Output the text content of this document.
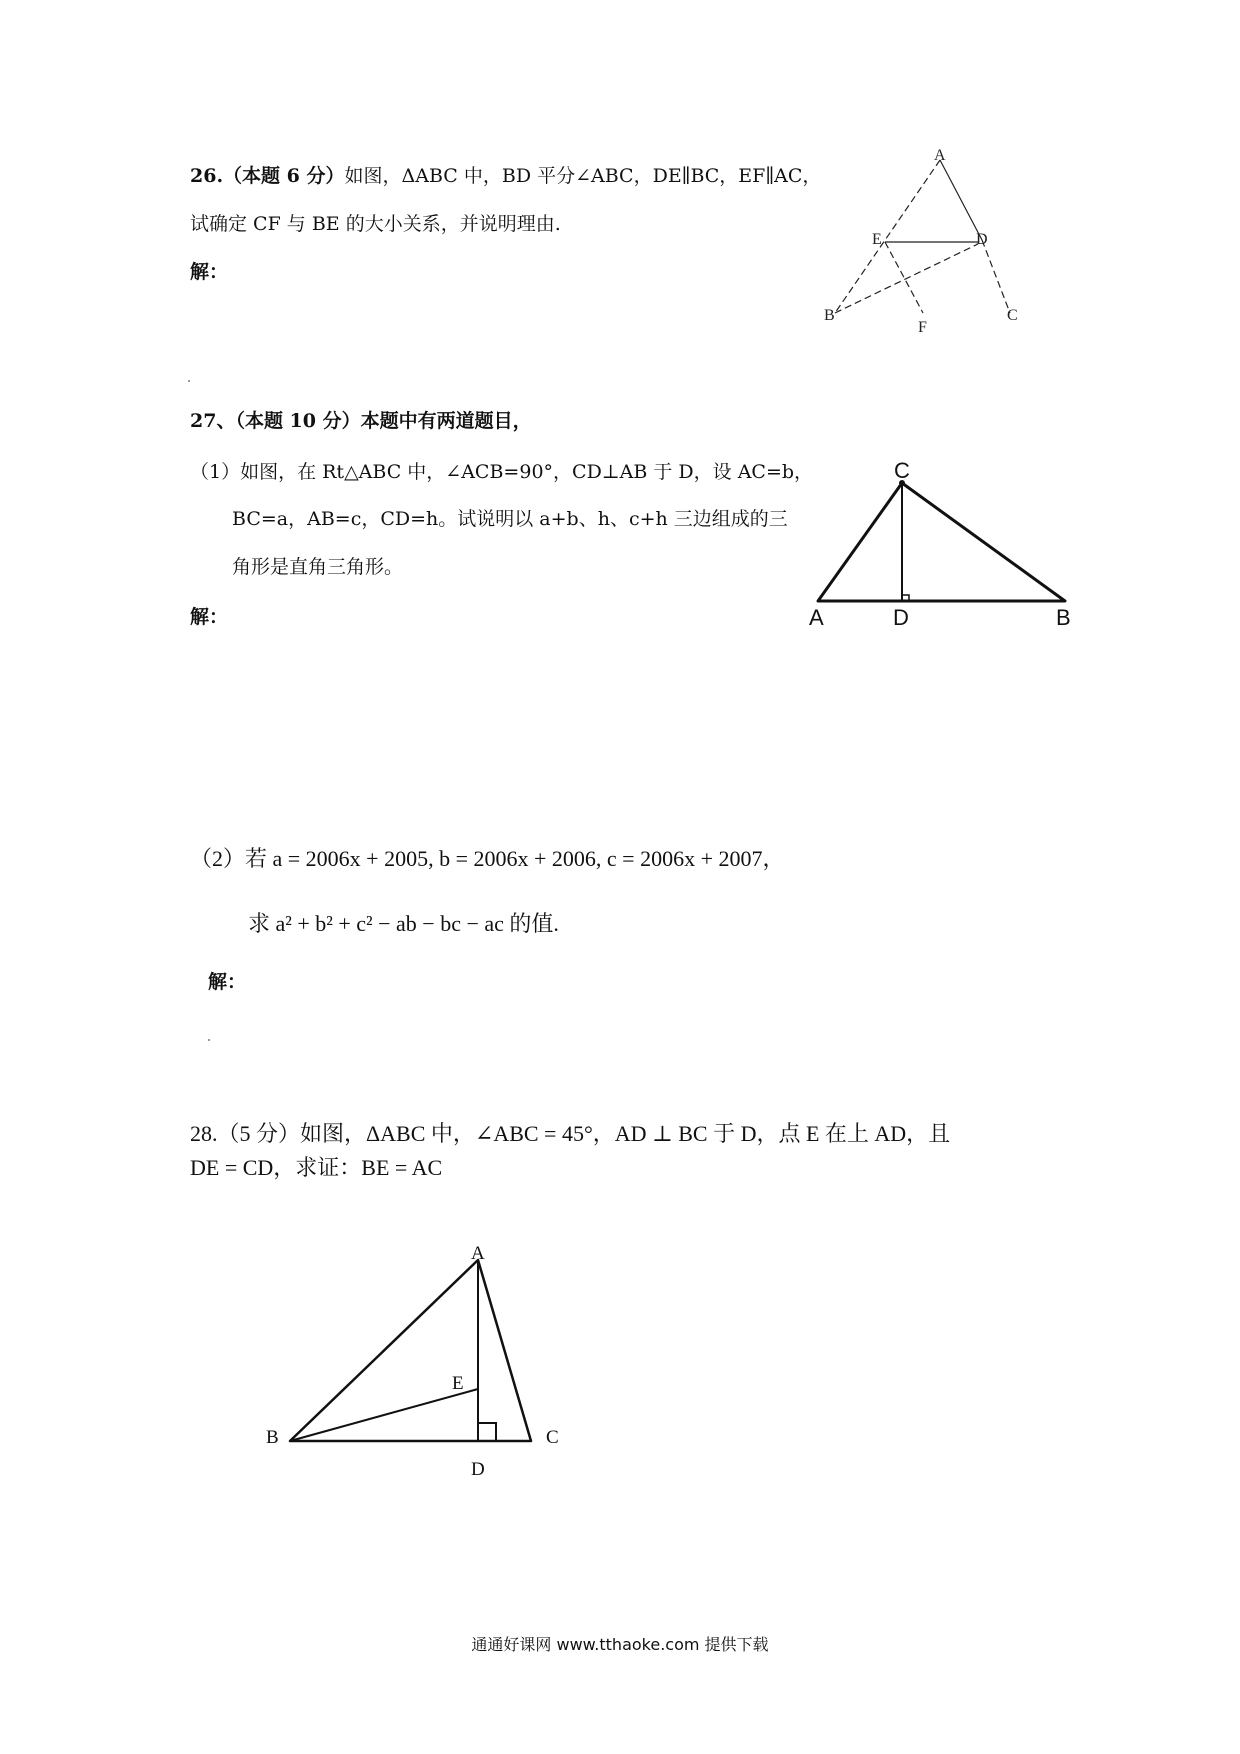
26.（本题 6 分）如图，ΔABC 中，BD 平分∠ABC，DE∥BC，EF∥AC，
试确定 CF 与 BE 的大小关系，并说明理由.
解：
A
E	D
B
F
C
27、（本题 10 分）本题中有两道题目，
（1）如图，在 Rt△ABC 中，∠ACB=90°，CD⊥AB 于 D，设 AC=b，
BC=a，AB=c，CD=h。试说明以 a+b、h、c+h 三边组成的三
角形是直角三角形。
解：
C
A	D	B
（2）若 a = 2006x + 2005, b = 2006x + 2006, c = 2006x + 2007，
求 a² + b² + c² − ab − bc − ac 的值.
解：
28.（5 分）如图，ΔABC 中，∠ABC = 45°，AD ⊥ BC 于 D，点 E 在上 AD，且
DE = CD，求证：BE = AC
A
E
B	C
D
通通好课网 www.tthaoke.com 提供下载
